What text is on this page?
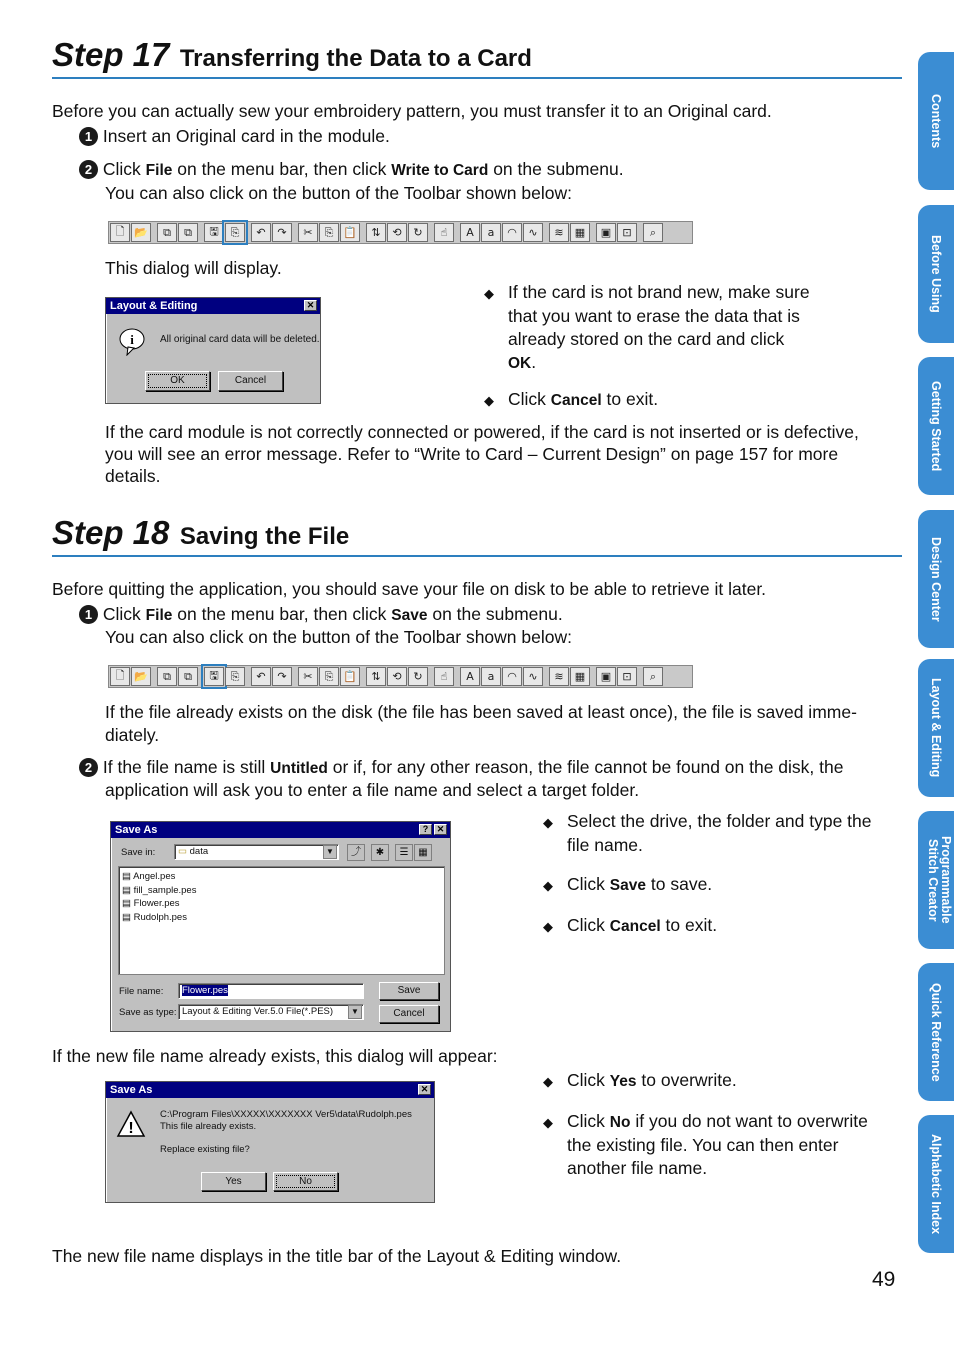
Step 17 Transferring the Data to a Card
Before you can actually sew your embroidery pattern, you must transfer it to an Original card.
1 Insert an Original card in the module.
2 Click File on the menu bar, then click Write to Card on the submenu.
You can also click on the button of the Toolbar shown below:
🗋 📂	⧉	⧉	🖫	⎘	↶	↷	✂	⎘ 📋	⇅	⟲	↻	☝	A	a	◠	∿	≋	▦	▣	⊡	⌕
This dialog will display.
Layout & Editing	✕
i	All original card data will be deleted.
OK	Cancel
◆ If the card is not brand new, make sure
that you want to erase the data that is
already stored on the card and click
OK.
◆ Click Cancel to exit.
If the card module is not correctly connected or powered, if the card is not inserted or is defective,
you will see an error message. Refer to “Write to Card – Current Design” on page 157 for more
details.
Step 18 Saving the File
Before quitting the application, you should save your file on disk to be able to retrieve it later.
1 Click File on the menu bar, then click Save on the submenu.
You can also click on the button of the Toolbar shown below:
🗋 📂	⧉	⧉	🖫	⎘	↶	↷	✂	⎘ 📋	⇅	⟲	↻	☝	A	a	◠	∿	≋	▦	▣	⊡	⌕
If the file already exists on the disk (the file has been saved at least once), the file is saved imme-
diately.
2 If the file name is still Untitled or if, for any other reason, the file cannot be found on the disk, the
application will ask you to enter a file name and select a target folder.
Save As	? ✕
Save in:	▭ data	▼	⤴	✱	☰ ▦
▤ Angel.pes
▤ fill_sample.pes
▤ Flower.pes
▤ Rudolph.pes
File name:	Flower.pes
Save as type: Layout & Editing Ver.5.0 File(*.PES)	▼
Save
Cancel
◆ Select the drive, the folder and type the
file name.
◆ Click Save to save.
◆ Click Cancel to exit.
If the new file name already exists, this dialog will appear:
Save As	✕
!
C:\Program Files\XXXXX\XXXXXXX Ver5\data\Rudolph.pes
This file already exists.
Replace existing file?
Yes	No
◆ Click Yes to overwrite.
◆ Click No if you do not want to overwrite
the existing file. You can then enter
another file name.
The new file name displays in the title bar of the Layout & Editing window.
49
Contents
Before Using
Getting Started
Design Center
Layout & Editing
Programmable Stitch Creator
Quick Reference
Alphabetic Index
